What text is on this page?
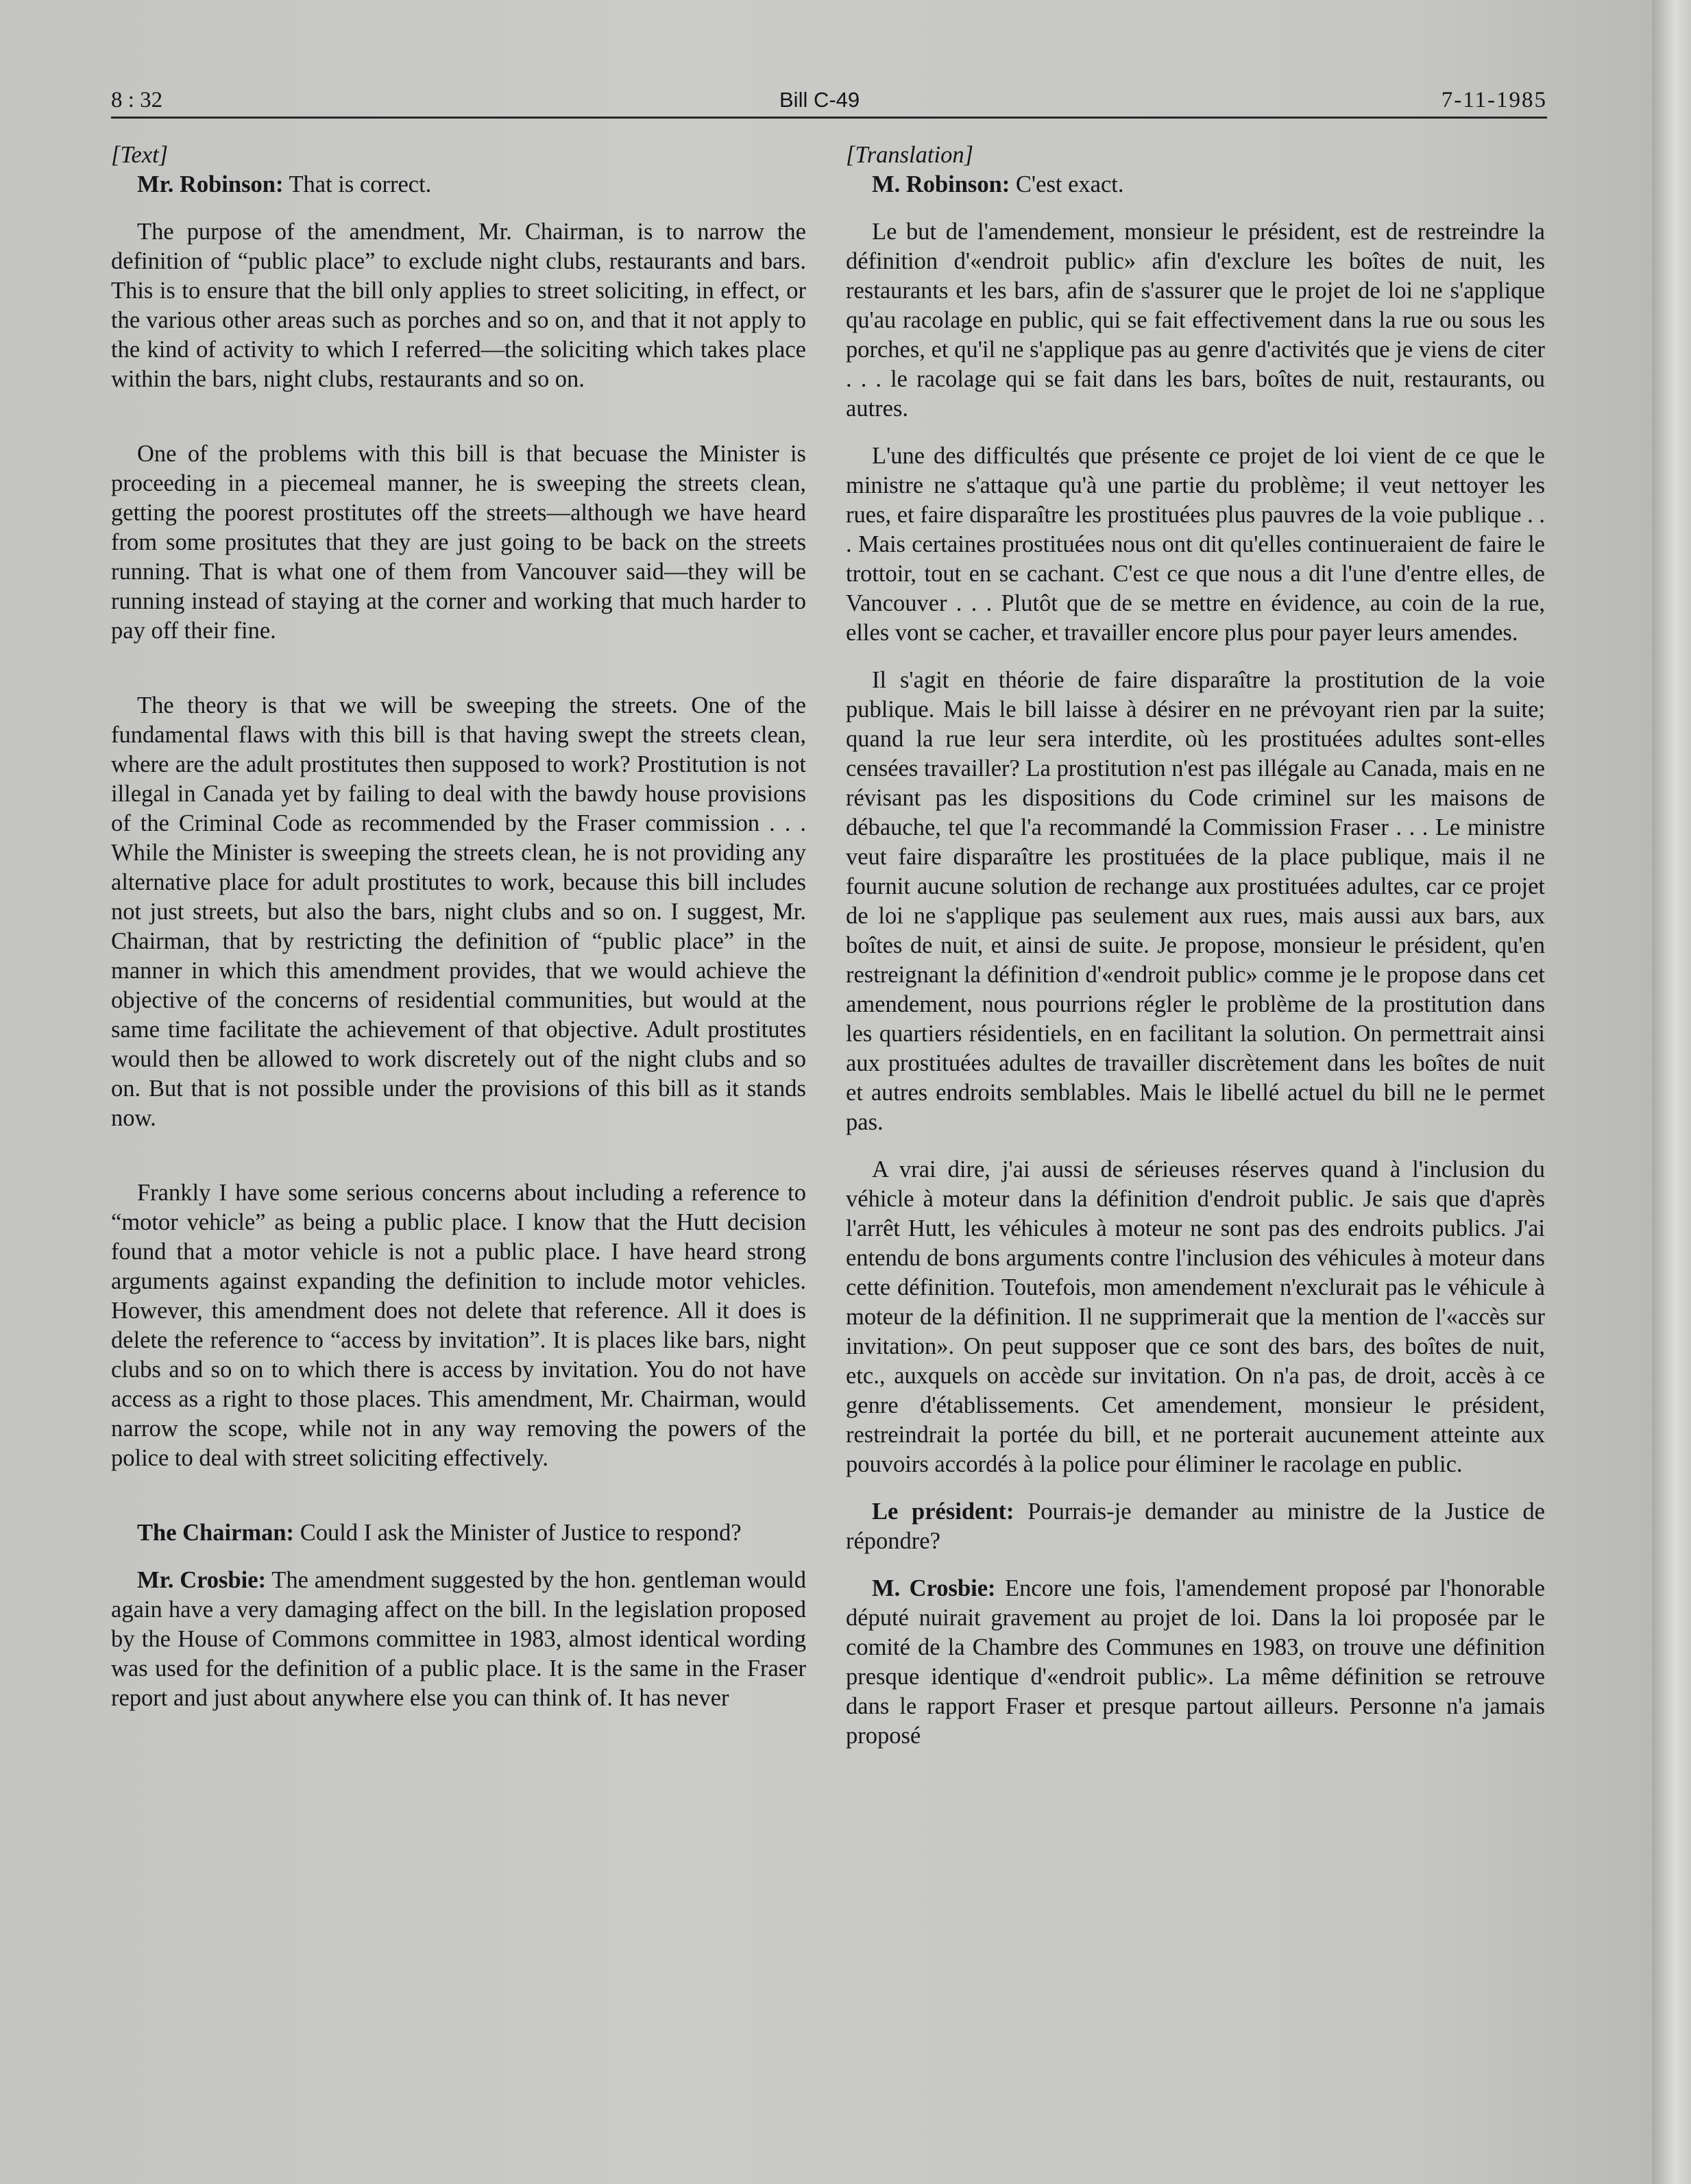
8 : 32	Bill C-49	7-11-1985
[Text]

Mr. Robinson: That is correct.

The purpose of the amendment, Mr. Chairman, is to narrow the definition of “public place” to exclude night clubs, restaurants and bars. This is to ensure that the bill only applies to street soliciting, in effect, or the various other areas such as porches and so on, and that it not apply to the kind of activity to which I referred—the soliciting which takes place within the bars, night clubs, restaurants and so on.

One of the problems with this bill is that becuase the Minister is proceeding in a piecemeal manner, he is sweeping the streets clean, getting the poorest prostitutes off the streets—although we have heard from some prositutes that they are just going to be back on the streets running. That is what one of them from Vancouver said—they will be running instead of staying at the corner and working that much harder to pay off their fine.

The theory is that we will be sweeping the streets. One of the fundamental flaws with this bill is that having swept the streets clean, where are the adult prostitutes then supposed to work? Prostitution is not illegal in Canada yet by failing to deal with the bawdy house provisions of the Criminal Code as recommended by the Fraser commission . . . While the Minister is sweeping the streets clean, he is not providing any alternative place for adult prostitutes to work, because this bill includes not just streets, but also the bars, night clubs and so on. I suggest, Mr. Chairman, that by restricting the definition of “public place” in the manner in which this amendment provides, that we would achieve the objective of the concerns of residential communities, but would at the same time facilitate the achievement of that objective. Adult prostitutes would then be allowed to work discretely out of the night clubs and so on. But that is not possible under the provisions of this bill as it stands now.

Frankly I have some serious concerns about including a reference to “motor vehicle” as being a public place. I know that the Hutt decision found that a motor vehicle is not a public place. I have heard strong arguments against expanding the definition to include motor vehicles. However, this amendment does not delete that reference. All it does is delete the reference to “access by invitation”. It is places like bars, night clubs and so on to which there is access by invitation. You do not have access as a right to those places. This amendment, Mr. Chairman, would narrow the scope, while not in any way removing the powers of the police to deal with street soliciting effectively.

The Chairman: Could I ask the Minister of Justice to respond?

Mr. Crosbie: The amendment suggested by the hon. gentleman would again have a very damaging affect on the bill. In the legislation proposed by the House of Commons committee in 1983, almost identical wording was used for the definition of a public place. It is the same in the Fraser report and just about anywhere else you can think of. It has never

[Translation]

M. Robinson: C'est exact.

Le but de l'amendement, monsieur le président, est de restreindre la définition d'«endroit public» afin d'exclure les boîtes de nuit, les restaurants et les bars, afin de s'assurer que le projet de loi ne s'applique qu'au racolage en public, qui se fait effectivement dans la rue ou sous les porches, et qu'il ne s'applique pas au genre d'activités que je viens de citer . . . le racolage qui se fait dans les bars, boîtes de nuit, restaurants, ou autres.

L'une des difficultés que présente ce projet de loi vient de ce que le ministre ne s'attaque qu'à une partie du problème; il veut nettoyer les rues, et faire disparaître les prostituées plus pauvres de la voie publique . . . Mais certaines prostituées nous ont dit qu'elles continueraient de faire le trottoir, tout en se cachant. C'est ce que nous a dit l'une d'entre elles, de Vancouver . . . Plutôt que de se mettre en évidence, au coin de la rue, elles vont se cacher, et travailler encore plus pour payer leurs amendes.

Il s'agit en théorie de faire disparaître la prostitution de la voie publique. Mais le bill laisse à désirer en ne prévoyant rien par la suite; quand la rue leur sera interdite, où les prostituées adultes sont-elles censées travailler? La prostitution n'est pas illégale au Canada, mais en ne révisant pas les dispositions du Code criminel sur les maisons de débauche, tel que l'a recommandé la Commission Fraser . . . Le ministre veut faire disparaître les prostituées de la place publique, mais il ne fournit aucune solution de rechange aux prostituées adultes, car ce projet de loi ne s'applique pas seulement aux rues, mais aussi aux bars, aux boîtes de nuit, et ainsi de suite. Je propose, monsieur le président, qu'en restreignant la définition d'«endroit public» comme je le propose dans cet amendement, nous pourrions régler le problème de la prostitution dans les quartiers résidentiels, en en facilitant la solution. On permettrait ainsi aux prostituées adultes de travailler discrètement dans les boîtes de nuit et autres endroits semblables. Mais le libellé actuel du bill ne le permet pas.

A vrai dire, j'ai aussi de sérieuses réserves quand à l'inclusion du véhicle à moteur dans la définition d'endroit public. Je sais que d'après l'arrêt Hutt, les véhicules à moteur ne sont pas des endroits publics. J'ai entendu de bons arguments contre l'inclusion des véhicules à moteur dans cette définition. Toutefois, mon amendement n'exclurait pas le véhicule à moteur de la définition. Il ne supprimerait que la mention de l'«accès sur invitation». On peut supposer que ce sont des bars, des boîtes de nuit, etc., auxquels on accède sur invitation. On n'a pas, de droit, accès à ce genre d'établissements. Cet amendement, monsieur le président, restreindrait la portée du bill, et ne porterait aucunement atteinte aux pouvoirs accordés à la police pour éliminer le racolage en public.

Le président: Pourrais-je demander au ministre de la Justice de répondre?

M. Crosbie: Encore une fois, l'amendement proposé par l'honorable député nuirait gravement au projet de loi. Dans la loi proposée par le comité de la Chambre des Communes en 1983, on trouve une définition presque identique d'«endroit public». La même définition se retrouve dans le rapport Fraser et presque partout ailleurs. Personne n'a jamais proposé
